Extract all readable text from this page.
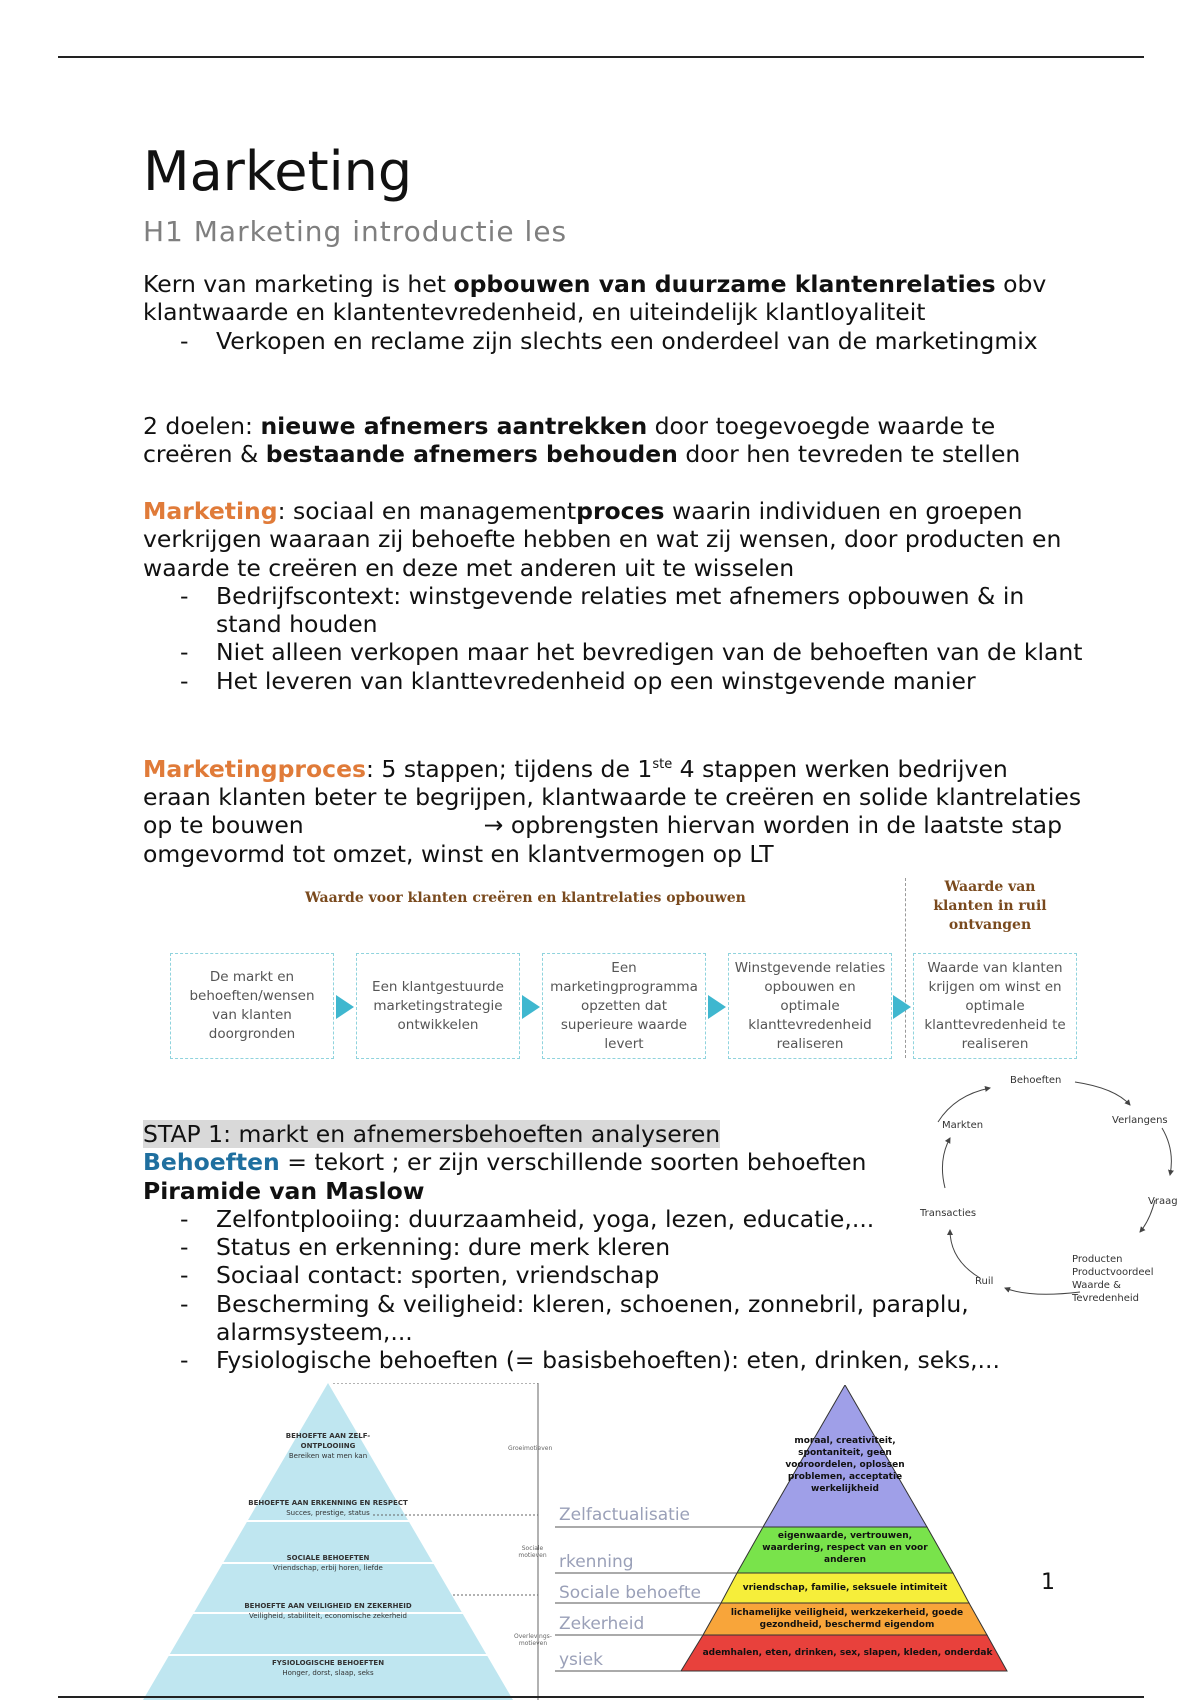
Marketing
H1 Marketing introductie les

Kern van marketing is het opbouwen van duurzame klantenrelaties obv klantwaarde en klantentevredenheid, en uiteindelijk klantloyaliteit

- Verkopen en reclame zijn slechts een onderdeel van de marketingmix

2 doelen: nieuwe afnemers aantrekken door toegevoegde waarde te creëren & bestaande afnemers behouden door hen tevreden te stellen

Marketing: sociaal en managementproces waarin individuen en groepen verkrijgen waaraan zij behoefte hebben en wat zij wensen, door producten en waarde te creëren en deze met anderen uit te wisselen

- Bedrijfscontext: winstgevende relaties met afnemers opbouwen & in stand houden
- Niet alleen verkopen maar het bevredigen van de behoeften van de klant
- Het leveren van klanttevredenheid op een winstgevende manier

Marketingproces: 5 stappen; tijdens de 1ste 4 stappen werken bedrijven eraan klanten beter te begrijpen, klantwaarde te creëren en solide klantrelaties op te bouwen	→ opbrengsten hiervan worden in de laatste stap omgevormd tot omzet, winst en klantvermogen op LT

Waarde voor klanten creëren en klantrelaties opbouwen
Waarde van klanten in ruil ontvangen
De markt en behoeften/wensen van klanten doorgronden
Een klantgestuurde marketingstrategie ontwikkelen
Een marketingprogramma opzetten dat superieure waarde levert
Winstgevende relaties opbouwen en optimale klanttevredenheid realiseren
Waarde van klanten krijgen om winst en optimale klanttevredenheid te realiseren
Behoeften
Verlangens
Vraag
Producten Productvoordeel Waarde & Tevredenheid
Ruil
Transacties
Markten

STAP 1: markt en afnemersbehoeften analyseren

Behoeften = tekort ; er zijn verschillende soorten behoeften

Piramide van Maslow

- Zelfontplooiing: duurzaamheid, yoga, lezen, educatie,...
- Status en erkenning: dure merk kleren
- Sociaal contact: sporten, vriendschap
- Bescherming & veiligheid: kleren, schoenen, zonnebril, paraplu, alarmsysteem,...
- Fysiologische behoeften (= basisbehoeften): eten, drinken, seks,...
BEHOEFTE AAN ZELF-ONTPLOOIING
Bereiken wat men kan
BEHOEFTE AAN ERKENNING EN RESPECT
Succes, prestige, status
SOCIALE BEHOEFTEN
Vriendschap, erbij horen, liefde
BEHOEFTE AAN VEILIGHEID EN ZEKERHEID
Veiligheid, stabiliteit, economische zekerheid
FYSIOLOGISCHE BEHOEFTEN
Honger, dorst, slaap, seks
Groeimotieven
Sociale motieven
Overlevings-motieven
Zelfactualisatie
rkenning
Sociale behoefte
Zekerheid
ysiek
moraal, creativiteit, spontaniteit, geen vooroordelen, oplossen problemen, acceptatie werkelijkheid
eigenwaarde, vertrouwen, waardering, respect van en voor anderen
vriendschap, familie, seksuele intimiteit
lichamelijke veiligheid, werkzekerheid, goede gezondheid, beschermd eigendom
ademhalen, eten, drinken, sex, slapen, kleden, onderdak
1
